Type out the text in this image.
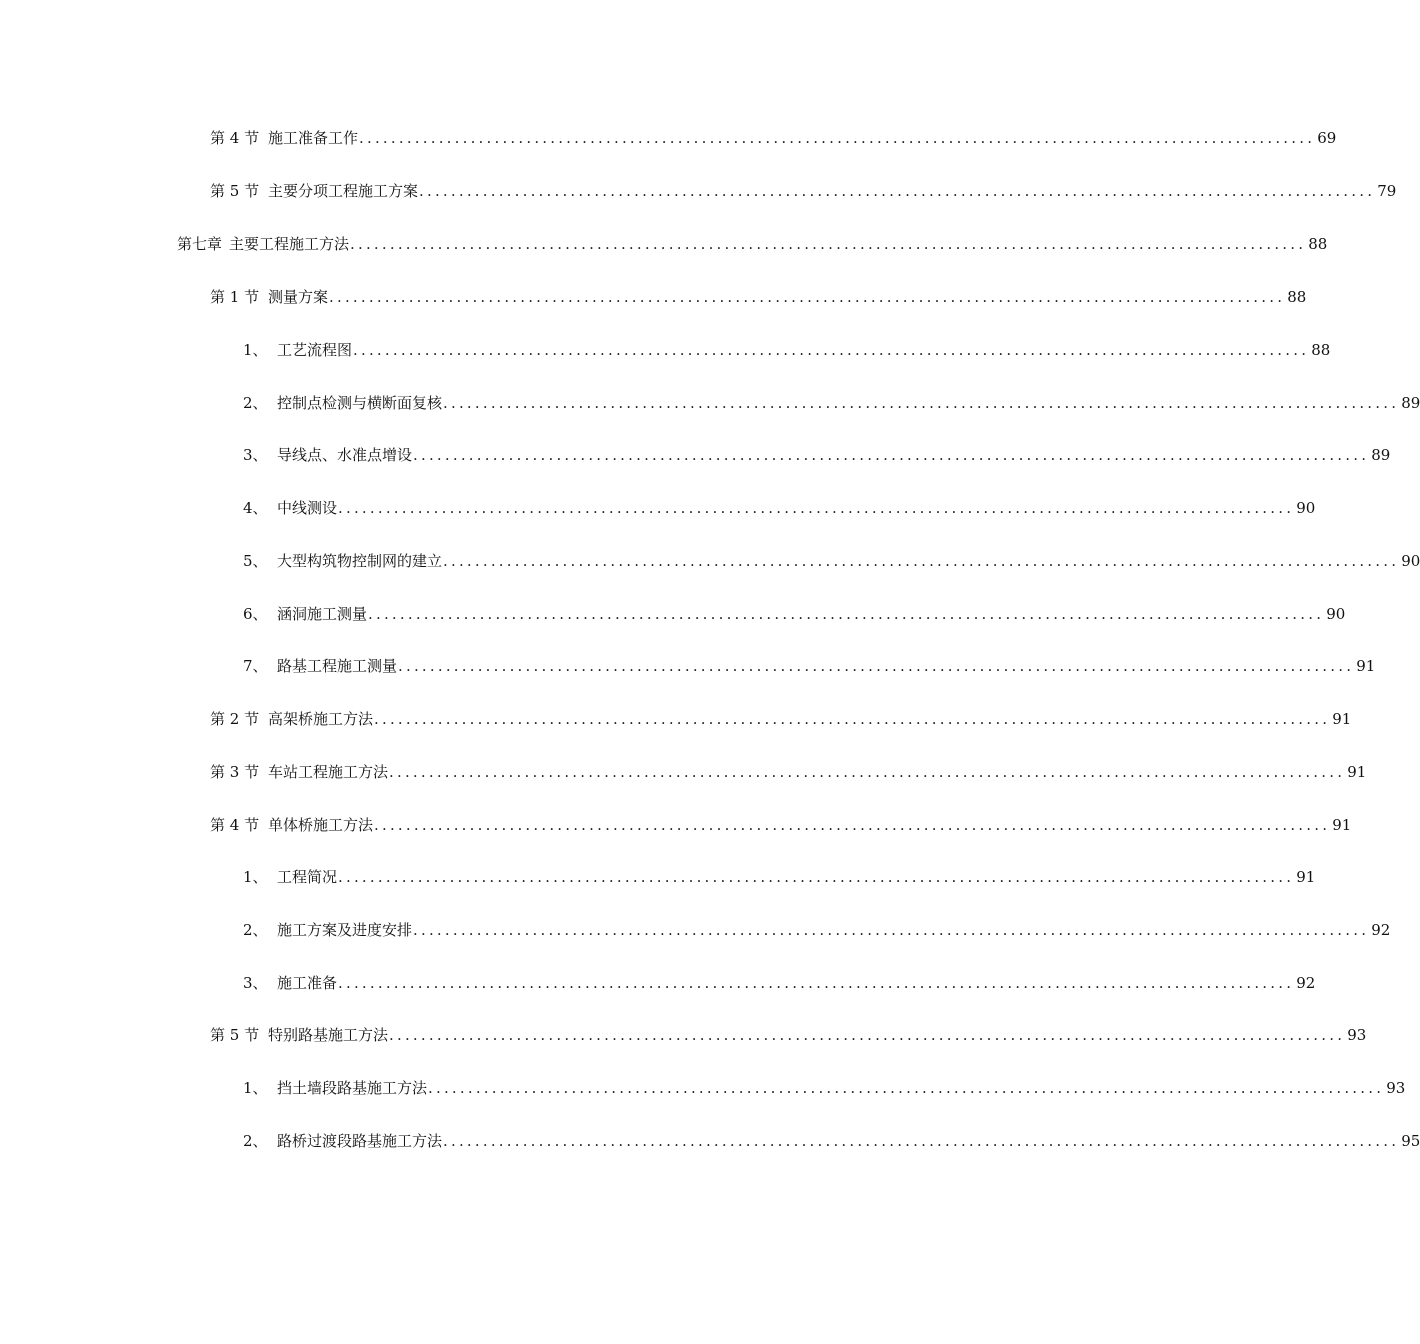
第 4 节 施工准备工作 ........................................................................................................................ 69
第 5 节 主要分项工程施工方案 ........................................................................................................................ 79
第七章 主要工程施工方法 ........................................................................................................................ 88
第 1 节 测量方案 ........................................................................................................................ 88
1、 工艺流程图 ........................................................................................................................ 88
2、 控制点检测与横断面复核 ........................................................................................................................ 89
3、 导线点、水准点增设 ........................................................................................................................ 89
4、 中线测设 ........................................................................................................................ 90
5、 大型构筑物控制网的建立 ........................................................................................................................ 90
6、 涵洞施工测量 ........................................................................................................................ 90
7、 路基工程施工测量 ........................................................................................................................ 91
第 2 节 高架桥施工方法 ........................................................................................................................ 91
第 3 节 车站工程施工方法 ........................................................................................................................ 91
第 4 节 单体桥施工方法 ........................................................................................................................ 91
1、 工程简况 ........................................................................................................................ 91
2、 施工方案及进度安排 ........................................................................................................................ 92
3、 施工准备 ........................................................................................................................ 92
第 5 节 特别路基施工方法 ........................................................................................................................ 93
1、 挡土墙段路基施工方法 ........................................................................................................................ 93
2、 路桥过渡段路基施工方法 ........................................................................................................................ 95
